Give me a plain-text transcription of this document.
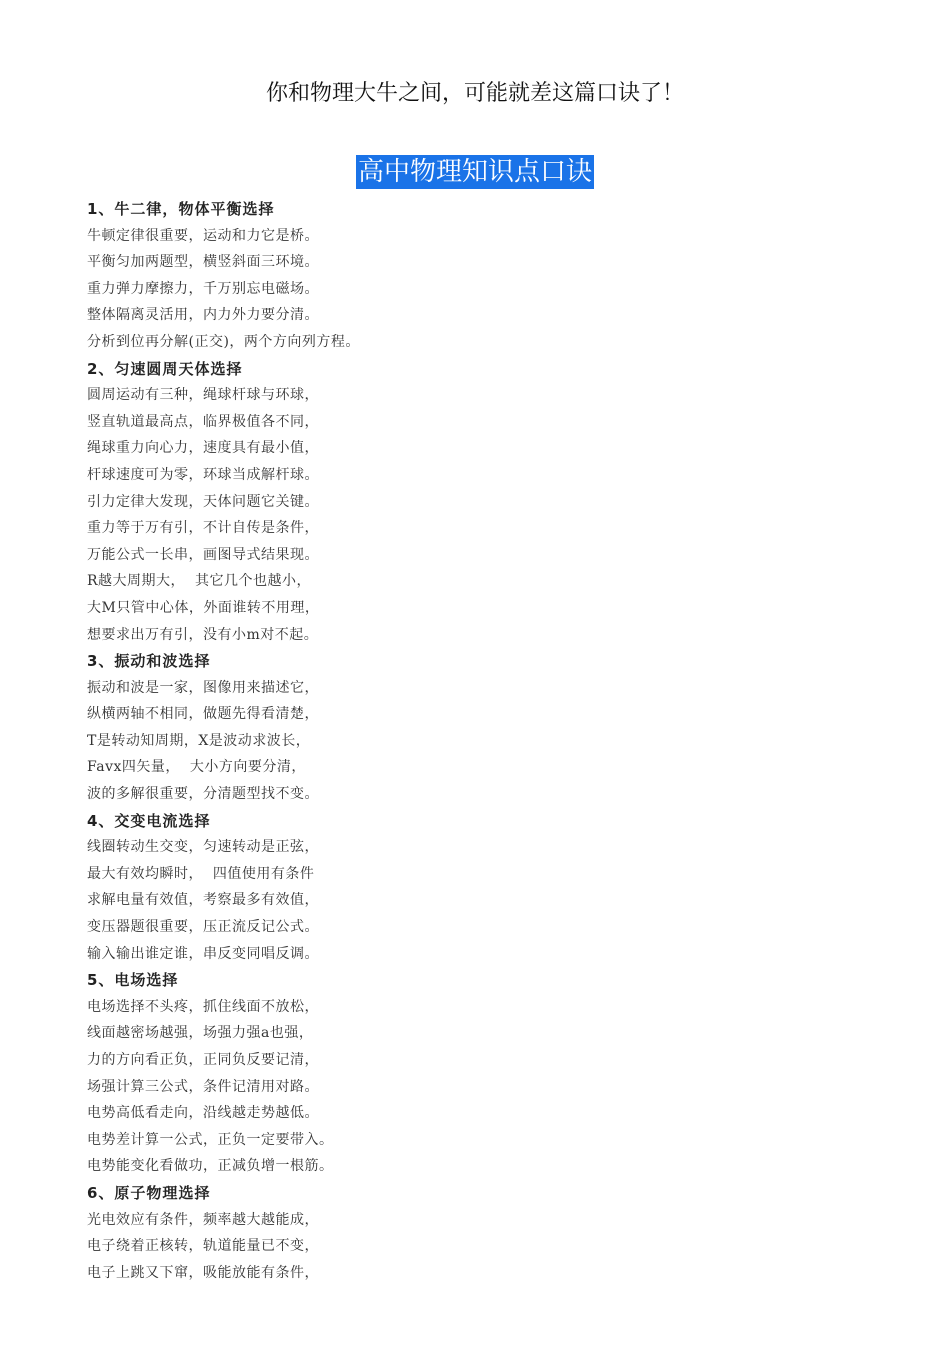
你和物理大牛之间，可能就差这篇口诀了！
高中物理知识点口诀
1、牛二律，物体平衡选择
牛顿定律很重要，运动和力它是桥。
平衡匀加两题型，横竖斜面三环境。
重力弹力摩擦力，千万别忘电磁场。
整体隔离灵活用，内力外力要分清。
分析到位再分解(正交)，两个方向列方程。
2、匀速圆周天体选择
圆周运动有三种，绳球杆球与环球，
竖直轨道最高点，临界极值各不同，
绳球重力向心力，速度具有最小值，
杆球速度可为零，环球当成解杆球。
引力定律大发现，天体问题它关键。
重力等于万有引，不计自传是条件，
万能公式一长串，画图导式结果现。
R越大周期大，  其它几个也越小，
大M只管中心体，外面谁转不用理，
想要求出万有引，没有小m对不起。
3、振动和波选择
振动和波是一家，图像用来描述它，
纵横两轴不相同，做题先得看清楚，
T是转动知周期，X是波动求波长，
Favx四矢量，  大小方向要分清，
波的多解很重要，分清题型找不变。
4、交变电流选择
线圈转动生交变，匀速转动是正弦，
最大有效均瞬时，  四值使用有条件
求解电量有效值，考察最多有效值，
变压器题很重要，压正流反记公式。
输入输出谁定谁，串反变同唱反调。
5、电场选择
电场选择不头疼，抓住线面不放松，
线面越密场越强，场强力强a也强，
力的方向看正负，正同负反要记清，
场强计算三公式，条件记清用对路。
电势高低看走向，沿线越走势越低。
电势差计算一公式，正负一定要带入。
电势能变化看做功，正减负增一根筋。
6、原子物理选择
光电效应有条件，频率越大越能成，
电子绕着正核转，轨道能量已不变，
电子上跳又下窜，吸能放能有条件，
